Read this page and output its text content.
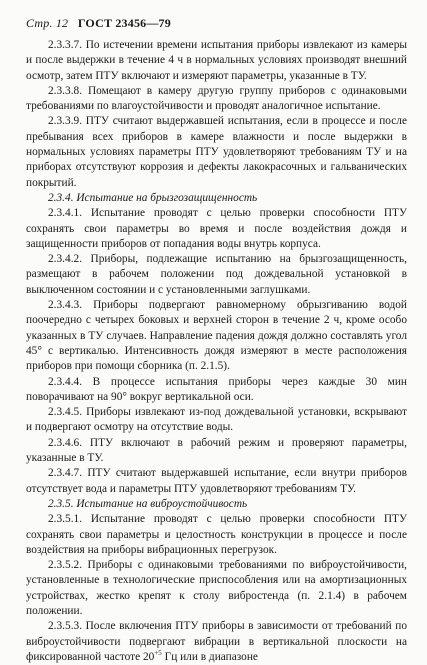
Стр. 12 ГОСТ 23456—79

2.3.3.7. По истечении времени испытания приборы извлекают из камеры и после выдержки в течение 4 ч в нормальных условиях производят внешний осмотр, затем ПТУ включают и измеряют параметры, указанные в ТУ.

2.3.3.8. Помещают в камеру другую группу приборов с одинаковыми требованиями по влагоустойчивости и проводят аналогичное испытание.

2.3.3.9. ПТУ считают выдержавшей испытания, если в процессе и после пребывания всех приборов в камере влажности и после выдержки в нормальных условиях параметры ПТУ удовлетворяют требованиям ТУ и на приборах отсутствуют коррозия и дефекты лакокрасочных и гальванических покрытий.

2.3.4. Испытание на брызгозащищенность

2.3.4.1. Испытание проводят с целью проверки способности ПТУ сохранять свои параметры во время и после воздействия дождя и защищенности приборов от попадания воды внутрь корпуса.

2.3.4.2. Приборы, подлежащие испытанию на брызгозащищенность, размещают в рабочем положении под дождевальной установкой в выключенном состоянии и с установленными заглушками.

2.3.4.3. Приборы подвергают равномерному обрызгиванию водой поочередно с четырех боковых и верхней сторон в течение 2 ч, кроме особо указанных в ТУ случаев. Направление падения дождя должно составлять угол 45° с вертикалью. Интенсивность дождя измеряют в месте расположения приборов при помощи сборника (п. 2.1.5).

2.3.4.4. В процессе испытания приборы через каждые 30 мин поворачивают на 90° вокруг вертикальной оси.

2.3.4.5. Приборы извлекают из-под дождевальной установки, вскрывают и подвергают осмотру на отсутствие воды.

2.3.4.6. ПТУ включают в рабочий режим и проверяют параметры, указанные в ТУ.

2.3.4.7. ПТУ считают выдержавшей испытание, если внутри приборов отсутствует вода и параметры ПТУ удовлетворяют требованиям ТУ.

2.3.5. Испытание на виброустойчивость

2.3.5.1. Испытание проводят с целью проверки способности ПТУ сохранять свои параметры и целостность конструкции в процессе и после воздействия на приборы вибрационных перегрузок.

2.3.5.2. Приборы с одинаковыми требованиями по виброустойчивости, установленные в технологические приспособления или на амортизационных устройствах, жестко крепят к столу вибростенда (п. 2.1.4) в рабочем положении.

2.3.5.3. После включения ПТУ приборы в зависимости от требований по виброустойчивости подвергают вибрации в вертикальной плоскости на фиксированной частоте $20^{+5}$ Гц или в диапазоне
